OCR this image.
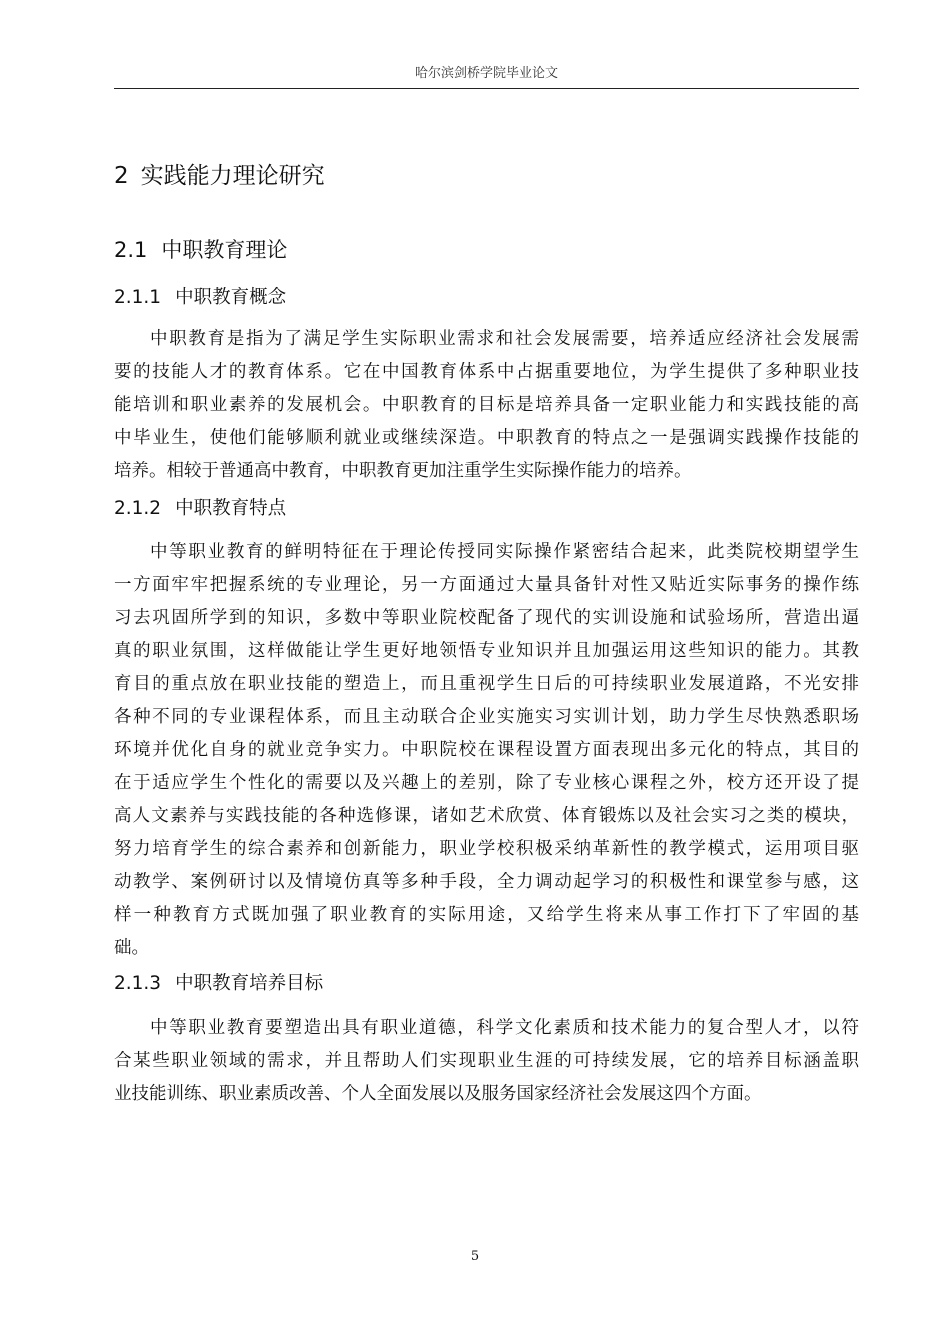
哈尔滨剑桥学院毕业论文
2 实践能力理论研究
2.1 中职教育理论
2.1.1 中职教育概念
中职教育是指为了满足学生实际职业需求和社会发展需要，培养适应经济社会发展需
要的技能人才的教育体系。它在中国教育体系中占据重要地位，为学生提供了多种职业技
能培训和职业素养的发展机会。中职教育的目标是培养具备一定职业能力和实践技能的高
中毕业生，使他们能够顺利就业或继续深造。中职教育的特点之一是强调实践操作技能的
培养。相较于普通高中教育，中职教育更加注重学生实际操作能力的培养。
2.1.2 中职教育特点
中等职业教育的鲜明特征在于理论传授同实际操作紧密结合起来，此类院校期望学生
一方面牢牢把握系统的专业理论，另一方面通过大量具备针对性又贴近实际事务的操作练
习去巩固所学到的知识，多数中等职业院校配备了现代的实训设施和试验场所，营造出逼
真的职业氛围，这样做能让学生更好地领悟专业知识并且加强运用这些知识的能力。其教
育目的重点放在职业技能的塑造上，而且重视学生日后的可持续职业发展道路，不光安排
各种不同的专业课程体系，而且主动联合企业实施实习实训计划，助力学生尽快熟悉职场
环境并优化自身的就业竞争实力。中职院校在课程设置方面表现出多元化的特点，其目的
在于适应学生个性化的需要以及兴趣上的差别，除了专业核心课程之外，校方还开设了提
高人文素养与实践技能的各种选修课，诸如艺术欣赏、体育锻炼以及社会实习之类的模块，
努力培育学生的综合素养和创新能力，职业学校积极采纳革新性的教学模式，运用项目驱
动教学、案例研讨以及情境仿真等多种手段，全力调动起学习的积极性和课堂参与感，这
样一种教育方式既加强了职业教育的实际用途，又给学生将来从事工作打下了牢固的基
础。
2.1.3 中职教育培养目标
中等职业教育要塑造出具有职业道德，科学文化素质和技术能力的复合型人才，以符
合某些职业领域的需求，并且帮助人们实现职业生涯的可持续发展，它的培养目标涵盖职
业技能训练、职业素质改善、个人全面发展以及服务国家经济社会发展这四个方面。
5
